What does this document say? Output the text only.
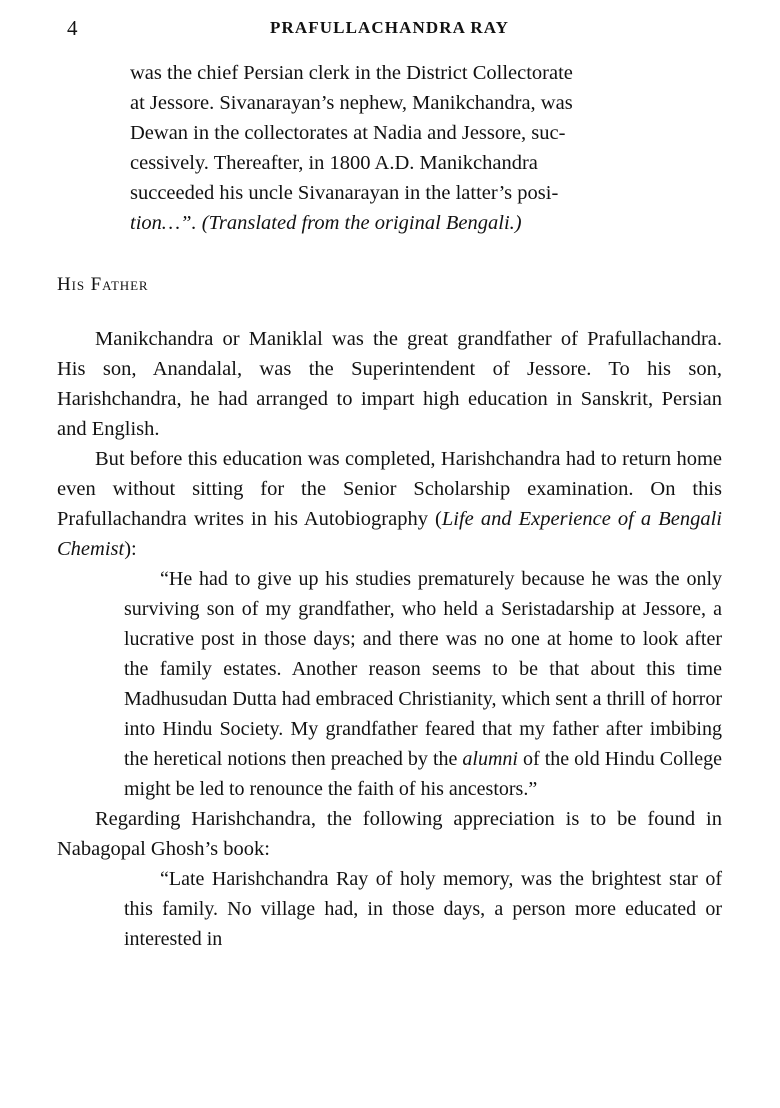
4	PRAFULLACHANDRA RAY

was the chief Persian clerk in the District Collectorate

at Jessore. Sivanarayan’s nephew, Manikchandra, was

Dewan in the collectorates at Nadia and Jessore, suc-

cessively. Thereafter, in 1800 A.D. Manikchandra

succeeded his uncle Sivanarayan in the latter’s posi-

tion…”. (Translated from the original Bengali.)

His Father

Manikchandra or Maniklal was the great grandfather of Prafullachandra. His son, Anandalal, was the Superintendent of Jessore. To his son, Harishchandra, he had arranged to impart high education in Sanskrit, Persian and English.

But before this education was completed, Harishchandra had to return home even without sitting for the Senior Scholarship examination. On this Prafullachandra writes in his Autobiography (Life and Experience of a Bengali Chemist):

“He had to give up his studies prematurely because he was the only surviving son of my grandfather, who held a Seristadarship at Jessore, a lucrative post in those days; and there was no one at home to look after the family estates. Another reason seems to be that about this time Madhusudan Dutta had embraced Christianity, which sent a thrill of horror into Hindu Society. My grandfather feared that my father after imbibing the heretical notions then preached by the alumni of the old Hindu College might be led to renounce the faith of his ancestors.”

Regarding Harishchandra, the following appreciation is to be found in Nabagopal Ghosh’s book:

“Late Harishchandra Ray of holy memory, was the brightest star of this family. No village had, in those days, a person more educated or interested in
